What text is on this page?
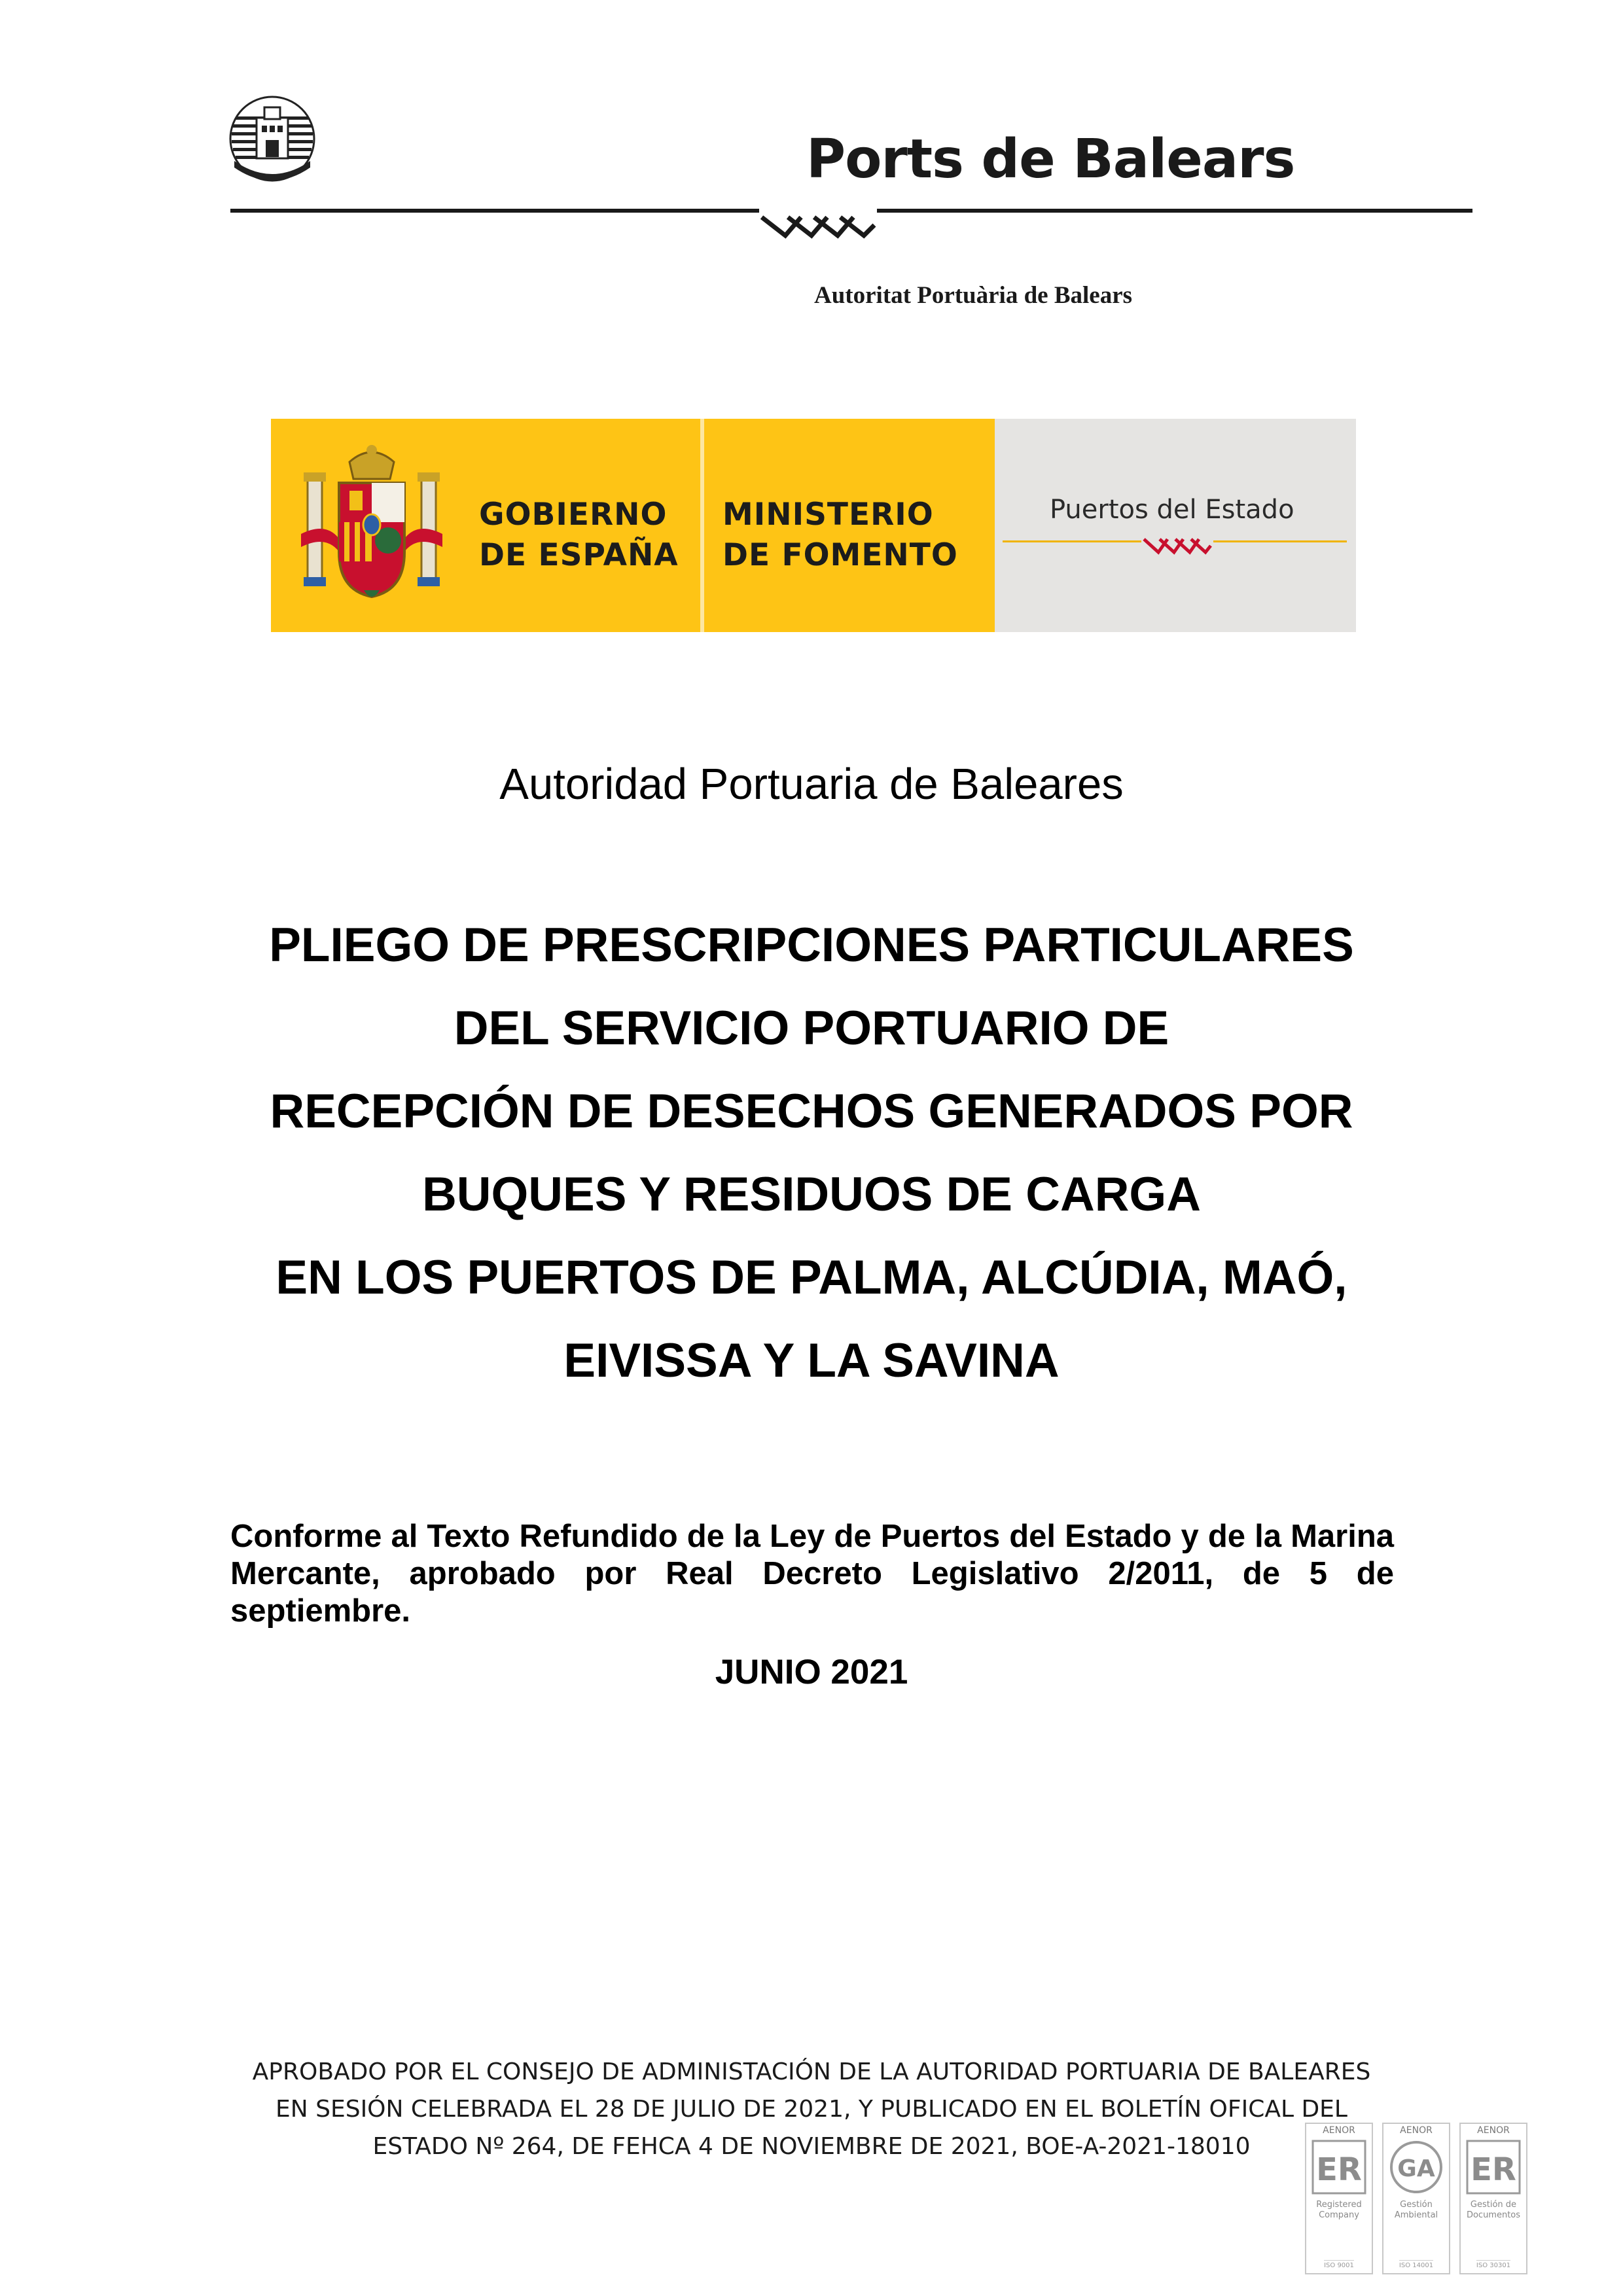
Ports de Balears
Autoritat Portuària de Balears
GOBIERNO
DE ESPAÑA
MINISTERIO
DE FOMENTO
Puertos del Estado
Autoridad Portuaria de Baleares
PLIEGO DE PRESCRIPCIONES PARTICULARES
DEL SERVICIO PORTUARIO DE
RECEPCIÓN DE DESECHOS GENERADOS POR
BUQUES Y RESIDUOS DE CARGA
EN LOS PUERTOS DE PALMA, ALCÚDIA, MAÓ,
EIVISSA Y LA SAVINA
Conforme al Texto Refundido de la Ley de Puertos del Estado y de la Marina Mercante, aprobado por Real Decreto Legislativo 2/2011, de 5 de septiembre.
JUNIO 2021
APROBADO POR EL CONSEJO DE ADMINISTACIÓN DE LA AUTORIDAD PORTUARIA DE BALEARES
EN SESIÓN CELEBRADA EL 28 DE JULIO DE 2021, Y PUBLICADO EN EL BOLETÍN OFICAL DEL
ESTADO Nº 264, DE FEHCA 4 DE NOVIEMBRE DE 2021, BOE-A-2021-18010
AENOR
ER
Registered Company
ISO 9001
AENOR
GA
Gestión Ambiental
ISO 14001
AENOR
ER
Gestión de Documentos
ISO 30301
